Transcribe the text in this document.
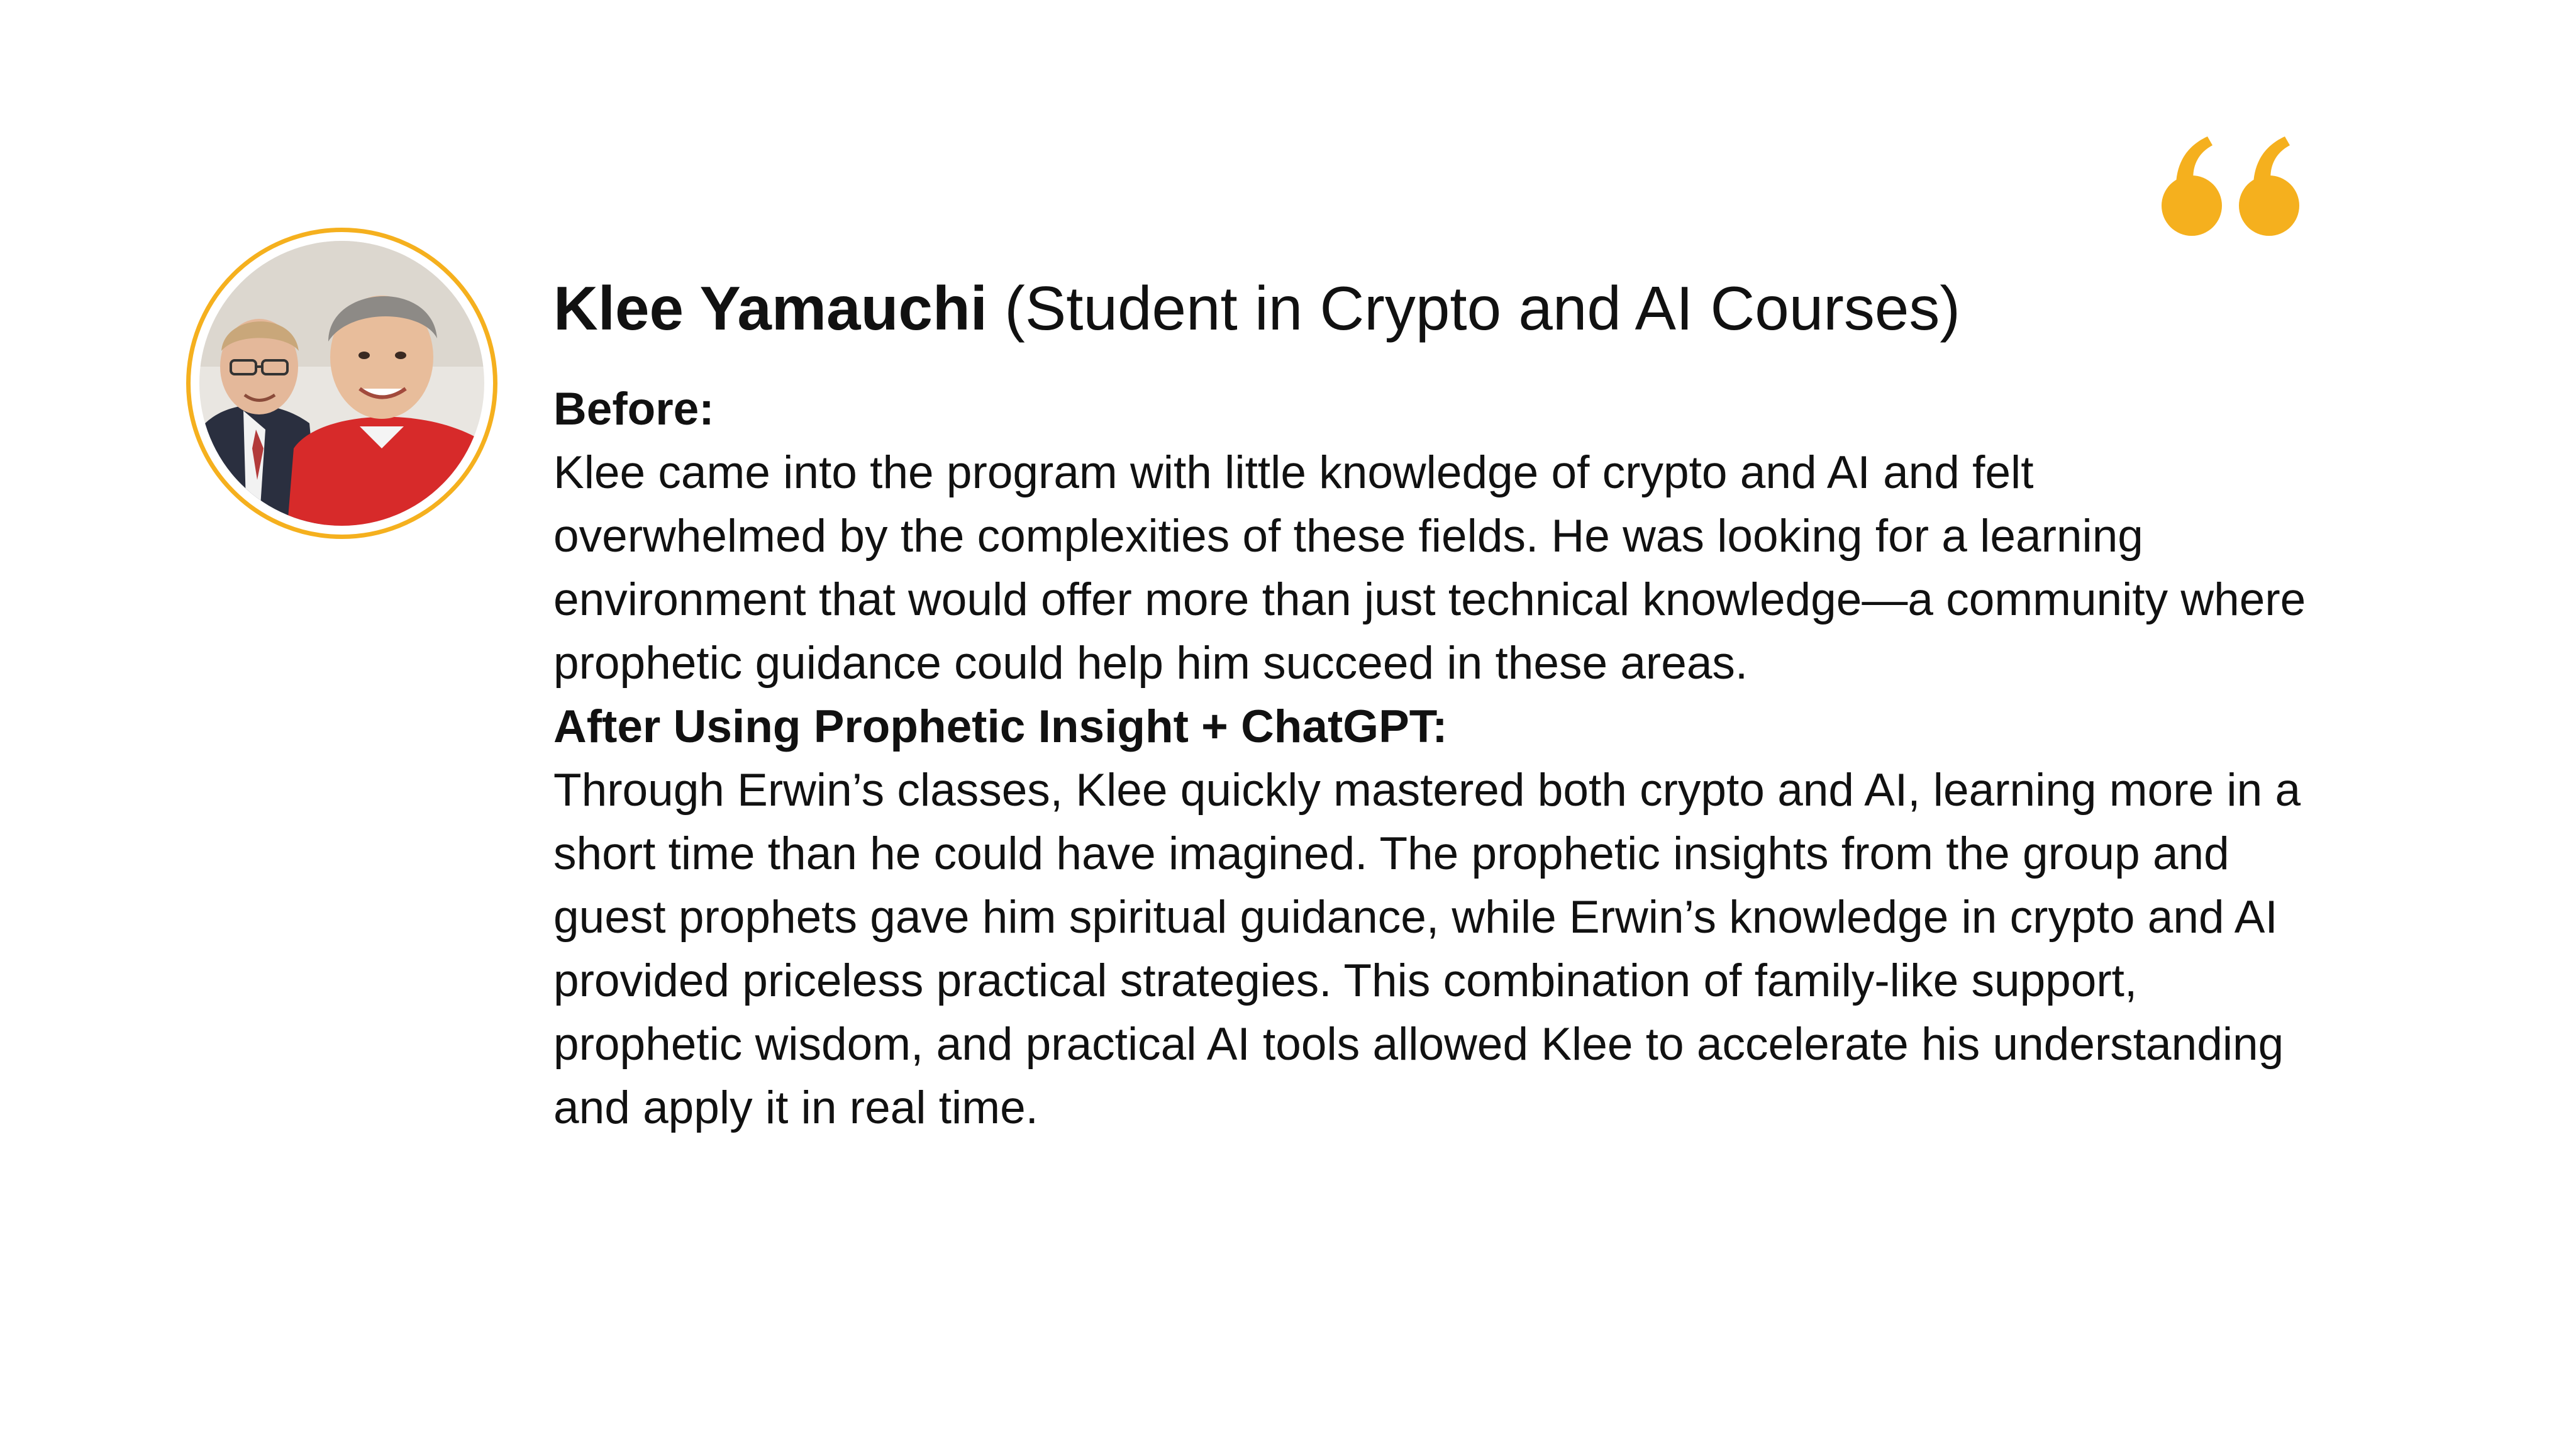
Klee Yamauchi (Student in Crypto and AI Courses)

Before:

Klee came into the program with little knowledge of crypto and AI and felt overwhelmed by the complexities of these fields. He was looking for a learning environment that would offer more than just technical knowledge—a community where prophetic guidance could help him succeed in these areas.

After Using Prophetic Insight + ChatGPT:

Through Erwin’s classes, Klee quickly mastered both crypto and AI, learning more in a short time than he could have imagined. The prophetic insights from the group and guest prophets gave him spiritual guidance, while Erwin’s knowledge in crypto and AI provided priceless practical strategies. This combination of family-like support, prophetic wisdom, and practical AI tools allowed Klee to accelerate his understanding and apply it in real time.
